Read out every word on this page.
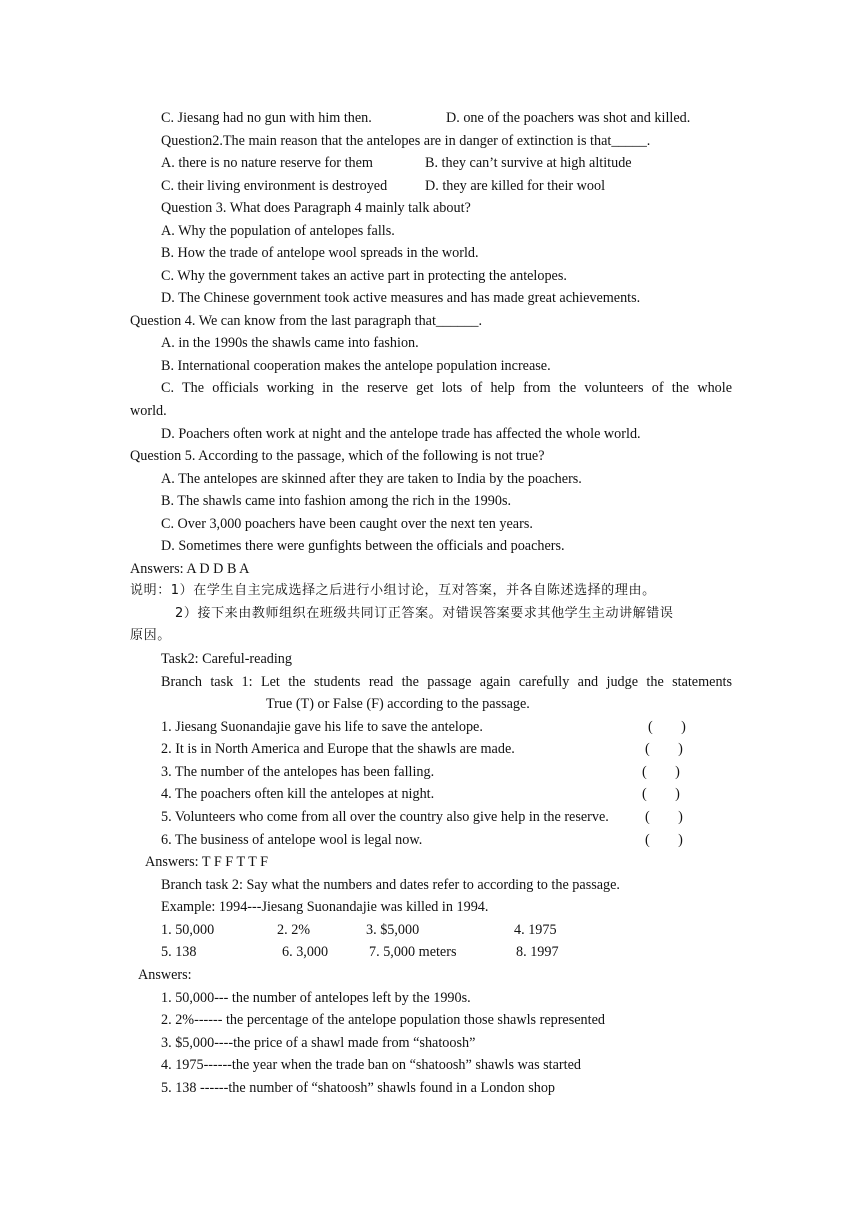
C. Jiesang had no gun with him then.	D. one of the poachers was shot and killed.
Question2.The main reason that the antelopes are in danger of extinction is that_____.
A. there is no nature reserve for them	B. they can’t survive at high altitude
C. their living environment is destroyed	D. they are killed for their wool
Question 3. What does Paragraph 4 mainly talk about?
A. Why the population of antelopes falls.
B. How the trade of antelope wool spreads in the world.
C. Why the government takes an active part in protecting the antelopes.
D. The Chinese government took active measures and has made great achievements.
Question 4. We can know from the last paragraph that______.
A. in the 1990s the shawls came into fashion.
B. International cooperation makes the antelope population increase.
C. The officials working in the reserve get lots of help from the volunteers of the whole
world.
D. Poachers often work at night and the antelope trade has affected the whole world.
Question 5. According to the passage, which of the following is not true?
A. The antelopes are skinned after they are taken to India by the poachers.
B. The shawls came into fashion among the rich in the 1990s.
C. Over 3,000 poachers have been caught over the next ten years.
D. Sometimes there were gunfights between the officials and poachers.
Answers: A D D B A
说明：1）在学生自主完成选择之后进行小组讨论，互对答案，并各自陈述选择的理由。
2）接下来由教师组织在班级共同订正答案。对错误答案要求其他学生主动讲解错误
原因。
Task2: Careful-reading
Branch task 1: Let the students read the passage again carefully and judge the statements
True (T) or False (F) according to the passage.
1. Jiesang Suonandajie gave his life to save the antelope.	(        )
2. It is in North America and Europe that the shawls are made.	(        )
3. The number of the antelopes has been falling.	(        )
4. The poachers often kill the antelopes at night.	(        )
5. Volunteers who come from all over the country also give help in the reserve.	(        )
6. The business of antelope wool is legal now.	(        )
Answers: T F F T T F
Branch task 2: Say what the numbers and dates refer to according to the passage.
Example: 1994---Jiesang Suonandajie was killed in 1994.
1. 50,000	2. 2%	3. $5,000	4. 1975
5. 138	6. 3,000	7. 5,000 meters	8. 1997
Answers:
1. 50,000--- the number of antelopes left by the 1990s.
2. 2%------ the percentage of the antelope population those shawls represented
3. $5,000----the price of a shawl made from “shatoosh”
4. 1975------the year when the trade ban on “shatoosh” shawls was started
5. 138 ------the number of “shatoosh” shawls found in a London shop
